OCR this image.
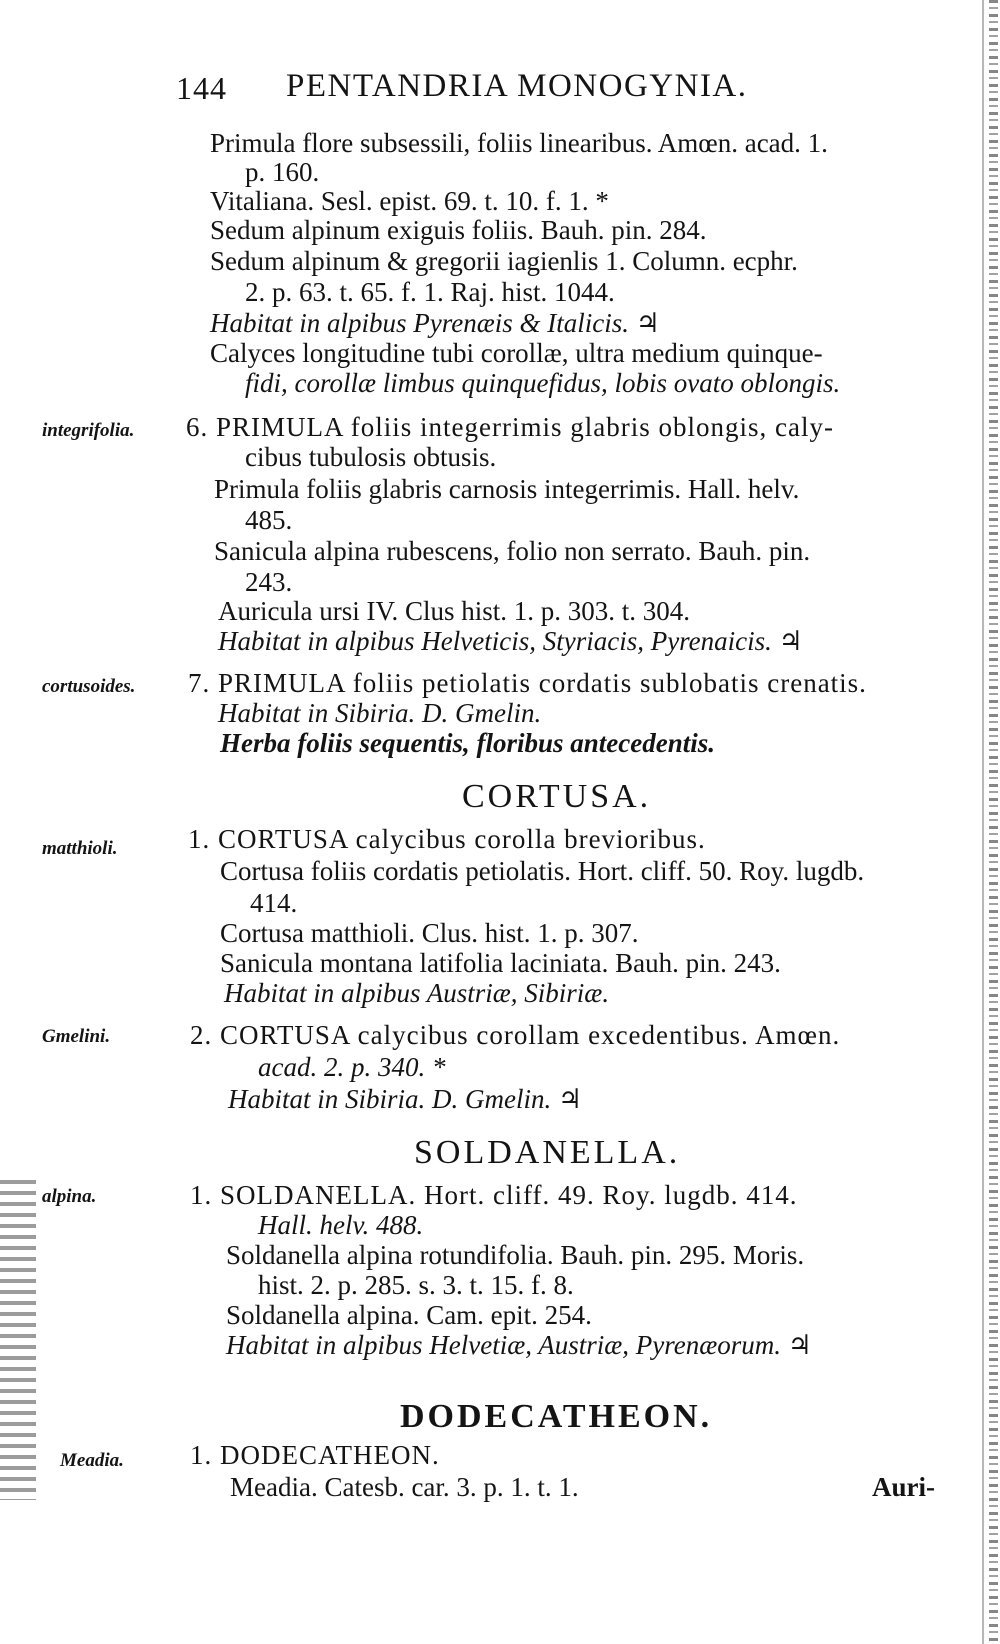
144 PENTANDRIA MONOGYNIA.
Primula flore subsessili, foliis linearibus. Amœn. acad. 1.
p. 160.
Vitaliana. Sesl. epist. 69. t. 10. f. 1. *
Sedum alpinum exiguis foliis. Bauh. pin. 284.
Sedum alpinum & gregorii iagienlis 1. Column. ecphr.
2. p. 63. t. 65. f. 1. Raj. hist. 1044.
Habitat in alpibus Pyrenæis & Italicis. ♃
Calyces longitudine tubi corollæ, ultra medium quinque-
fidi, corollæ limbus quinquefidus, lobis ovato oblongis.
integrifolia.	6. PRIMULA foliis integerrimis glabris oblongis, caly-
cibus tubulosis obtusis.
Primula foliis glabris carnosis integerrimis. Hall. helv.
485.
Sanicula alpina rubescens, folio non serrato. Bauh. pin.
243.
Auricula ursi IV. Clus hist. 1. p. 303. t. 304.
Habitat in alpibus Helveticis, Styriacis, Pyrenaicis. ♃
cortusoides.	7. PRIMULA foliis petiolatis cordatis sublobatis crenatis.
Habitat in Sibiria. D. Gmelin.
Herba foliis sequentis, floribus antecedentis.
CORTUSA.
matthioli.	1. CORTUSA calycibus corolla brevioribus.
Cortusa foliis cordatis petiolatis. Hort. cliff. 50. Roy. lugdb.
414.
Cortusa matthioli. Clus. hist. 1. p. 307.
Sanicula montana latifolia laciniata. Bauh. pin. 243.
Habitat in alpibus Austriæ, Sibiriæ.
Gmelini.	2. CORTUSA calycibus corollam excedentibus. Amœn.
acad. 2. p. 340. *
Habitat in Sibiria. D. Gmelin. ♃
SOLDANELLA.
alpina.	1. SOLDANELLA. Hort. cliff. 49. Roy. lugdb. 414.
Hall. helv. 488.
Soldanella alpina rotundifolia. Bauh. pin. 295. Moris.
hist. 2. p. 285. s. 3. t. 15. f. 8.
Soldanella alpina. Cam. epit. 254.
Habitat in alpibus Helvetiæ, Austriæ, Pyrenæorum. ♃
DODECATHEON.
Meadia.	1. DODECATHEON.
Meadia. Catesb. car. 3. p. 1. t. 1.	Auri-
